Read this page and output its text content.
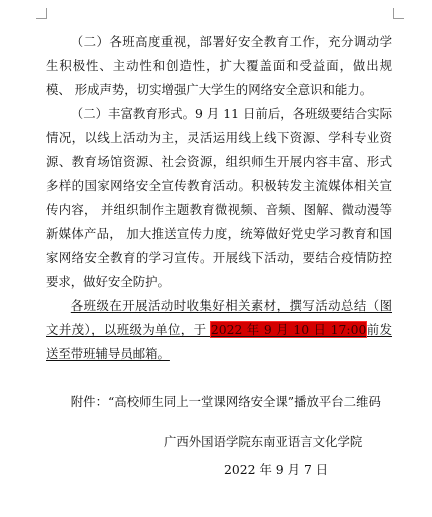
（二）各班高度重视，部署好安全教育工作，充分调动学生积极性、主动性和创造性，扩大覆盖面和受益面，做出规模、 形成声势，切实增强广大学生的网络安全意识和能力。

（二）丰富教育形式。9 月 11 日前后，各班级要结合实际情况，以线上活动为主，灵活运用线上线下资源、学科专业资源、教育场馆资源、社会资源，组织师生开展内容丰富、形式多样的国家网络安全宣传教育活动。积极转发主流媒体相关宣传内容， 并组织制作主题教育微视频、音频、图解、微动漫等新媒体产品， 加大推送宣传力度，统筹做好党史学习教育和国家网络安全教育的学习宣传。开展线下活动，要结合疫情防控要求，做好安全防护。

各班级在开展活动时收集好相关素材，撰写活动总结（图文并茂），以班级为单位，于 2022 年 9 月 10 日 17:00前发送至带班辅导员邮箱。

附件：“高校师生同上一堂课网络安全课”播放平台二维码

广西外国语学院东南亚语言文化学院
2022 年 9 月 7 日
